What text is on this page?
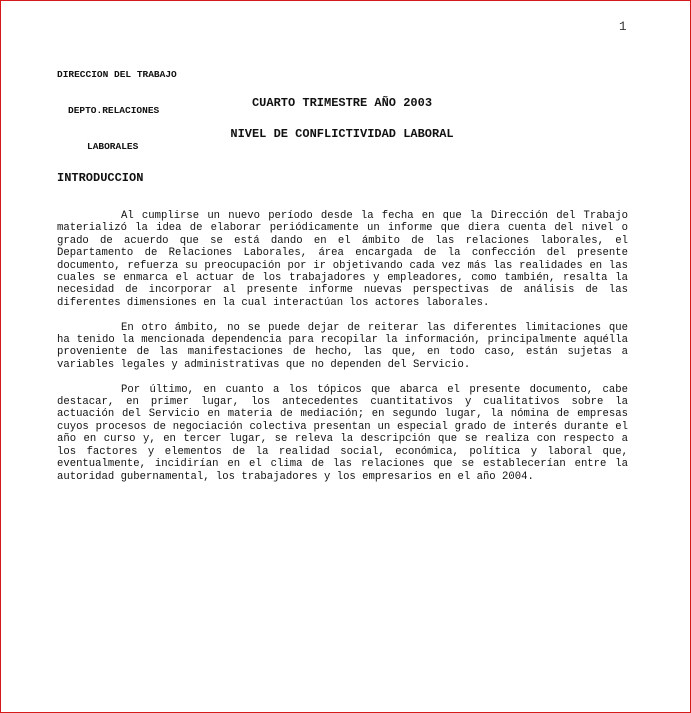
1

DIRECCION DEL TRABAJO

DEPTO.RELACIONES

LABORALES

CUARTO TRIMESTRE AÑO 2003
NIVEL DE CONFLICTIVIDAD LABORAL
INTRODUCCION

Al cumplirse un nuevo período desde la fecha en que la Dirección del Trabajo materializó la idea de elaborar periódicamente un informe que diera cuenta del nivel o grado de acuerdo que se está dando en el ámbito de las relaciones laborales, el Departamento de Relaciones Laborales, área encargada de la confección del presente documento, refuerza su preocupación por ir objetivando cada vez más las realidades en las cuales se enmarca el actuar de los trabajadores y empleadores, como también, resalta la necesidad de incorporar al presente informe nuevas perspectivas de análisis de las diferentes dimensiones en la cual interactúan los actores laborales.

En otro ámbito, no se puede dejar de reiterar las diferentes limitaciones que ha tenido la mencionada dependencia para recopilar la información, principalmente aquélla proveniente de las manifestaciones de hecho, las que, en todo caso, están sujetas a variables legales y administrativas que no dependen del Servicio.

Por último, en cuanto a los tópicos que abarca el presente documento, cabe destacar, en primer lugar, los antecedentes cuantitativos y cualitativos sobre la actuación del Servicio en materia de mediación; en segundo lugar, la nómina de empresas cuyos procesos de negociación colectiva presentan un especial grado de interés durante el año en curso y, en tercer lugar, se releva la descripción que se realiza con respecto a los factores y elementos de la realidad social, económica, política y laboral que, eventualmente, incidirían en el clima de las relaciones que se establecerían entre la autoridad gubernamental, los trabajadores y los empresarios en el año 2004.
